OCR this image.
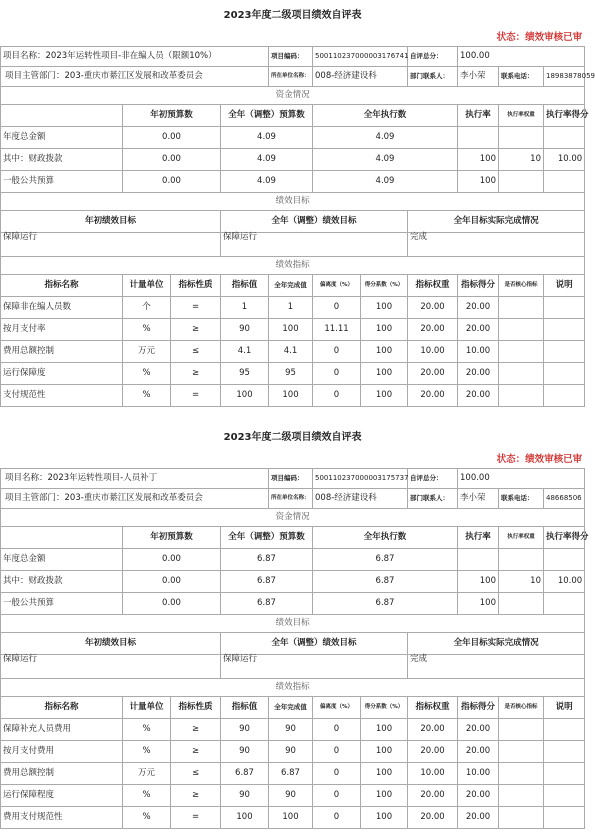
2023年度二级项目绩效自评表										
状态：绩效审核已审										
项目名称：2023年运转性项目-非在编人员（限额10%）				项目编码：	500110237000003176741		自评总分：	100.00		
项目主管部门：203-重庆市綦江区发展和改革委员会				所在单位名称：	008-经济建设科		部门联系人：	李小荣	联系电话：	18983878059
资金情况										
	年初预算数		全年（调整）预算数		全年执行数			执行率	执行率权重	执行率得分
年度总金额	0.00		4.09		4.09					
其中：财政拨款	0.00		4.09		4.09			100	10	10.00
一般公共预算	0.00		4.09		4.09			100		
绩效目标										
年初绩效目标			全年（调整）绩效目标				全年目标实际完成情况			
保障运行			保障运行				完成			
绩效指标										
指标名称	计量单位	指标性质	指标值	全年完成值	偏离度（%）	得分系数（%）	指标权重	指标得分	是否核心指标	说明
保障非在编人员数	个	=	1	1	0	100	20.00	20.00		
按月支付率	%	≥	90	100	11.11	100	20.00	20.00		
费用总额控制	万元	≤	4.1	4.1	0	100	10.00	10.00		
运行保障度	%	≥	95	95	0	100	20.00	20.00		
支付规范性	%	=	100	100	0	100	20.00	20.00		
2023年度二级项目绩效自评表										
状态：绩效审核已审										
项目名称：2023年运转性项目-人员补丁				项目编码：	500110237000003175737		自评总分：	100.00		
项目主管部门：203-重庆市綦江区发展和改革委员会				所在单位名称：	008-经济建设科		部门联系人：	李小荣	联系电话：	48668506
资金情况										
	年初预算数		全年（调整）预算数		全年执行数			执行率	执行率权重	执行率得分
年度总金额	0.00		6.87		6.87					
其中：财政拨款	0.00		6.87		6.87			100	10	10.00
一般公共预算	0.00		6.87		6.87			100		
绩效目标										
年初绩效目标			全年（调整）绩效目标				全年目标实际完成情况			
保障运行			保障运行				完成			
绩效指标										
指标名称	计量单位	指标性质	指标值	全年完成值	偏离度（%）	得分系数（%）	指标权重	指标得分	是否核心指标	说明
保障补充人员费用	%	≥	90	90	0	100	20.00	20.00		
按月支付费用	%	≥	90	90	0	100	20.00	20.00		
费用总额控制	万元	≤	6.87	6.87	0	100	10.00	10.00		
运行保障程度	%	≥	90	90	0	100	20.00	20.00		
费用支付规范性	%	=	100	100	0	100	20.00	20.00		
